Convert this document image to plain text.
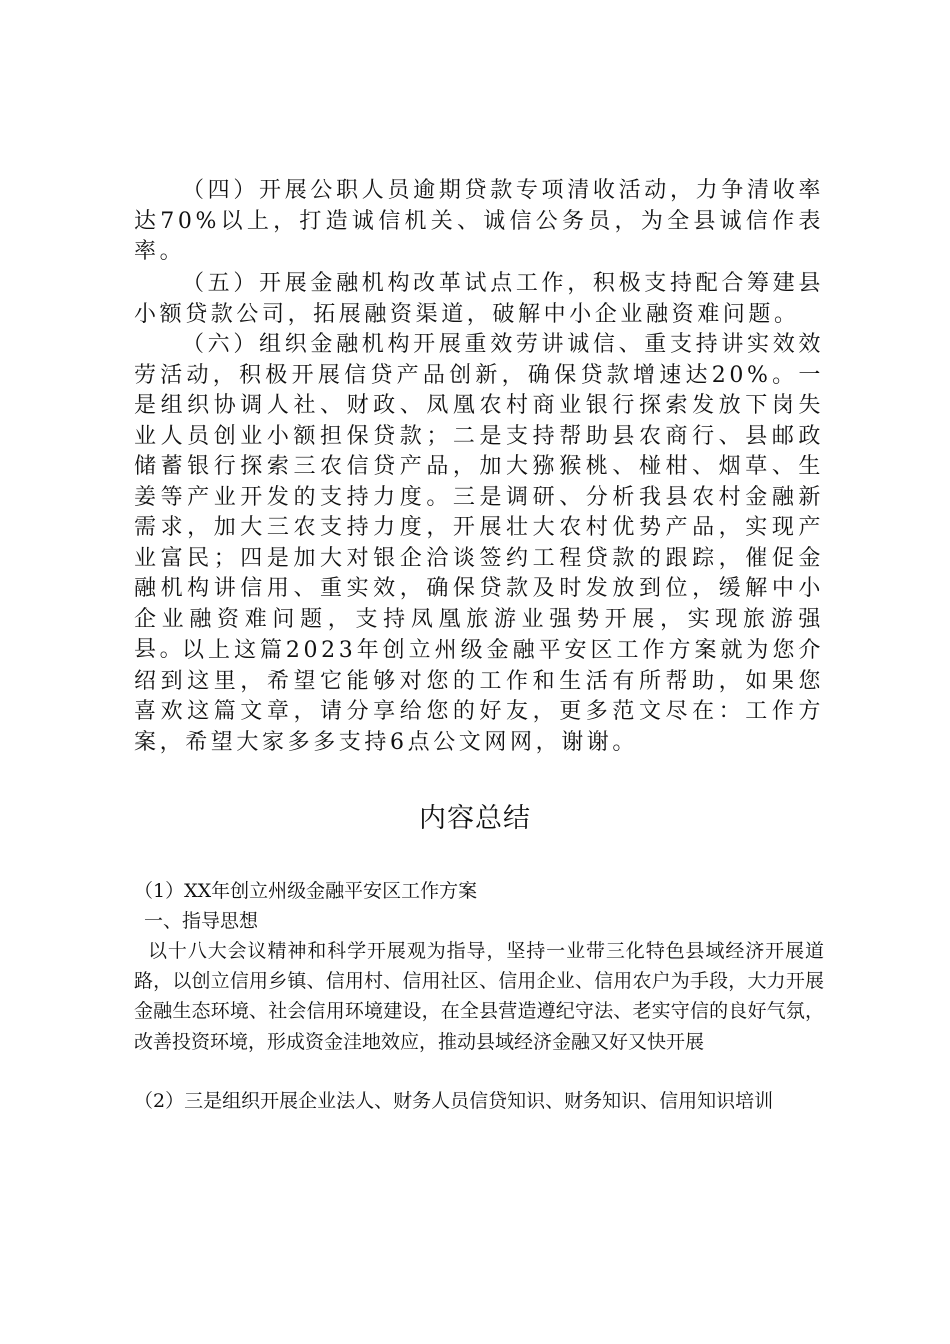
（四）开展公职人员逾期贷款专项清收活动，力争清收率达70%以上，打造诚信机关、诚信公务员，为全县诚信作表率。

（五）开展金融机构改革试点工作，积极支持配合筹建县小额贷款公司，拓展融资渠道，破解中小企业融资难问题。

（六）组织金融机构开展重效劳讲诚信、重支持讲实效效劳活动，积极开展信贷产品创新，确保贷款增速达20%。一是组织协调人社、财政、凤凰农村商业银行探索发放下岗失业人员创业小额担保贷款；二是支持帮助县农商行、县邮政储蓄银行探索三农信贷产品，加大猕猴桃、椪柑、烟草、生姜等产业开发的支持力度。三是调研、分析我县农村金融新需求，加大三农支持力度，开展壮大农村优势产品，实现产业富民；四是加大对银企洽谈签约工程贷款的跟踪，催促金融机构讲信用、重实效，确保贷款及时发放到位，缓解中小企业融资难问题，支持凤凰旅游业强势开展，实现旅游强县。

以上这篇2023年创立州级金融平安区工作方案就为您介绍到这里，希望它能够对您的工作和生活有所帮助，如果您喜欢这篇文章，请分享给您的好友，更多范文尽在：工作方案，希望大家多多支持6点公文网网，谢谢。

内容总结

（1）XX年创立州级金融平安区工作方案

一、指导思想

以十八大会议精神和科学开展观为指导，坚持一业带三化特色县域经济开展道路，以创立信用乡镇、信用村、信用社区、信用企业、信用农户为手段，大力开展金融生态环境、社会信用环境建设，在全县营造遵纪守法、老实守信的良好气氛，改善投资环境，形成资金洼地效应，推动县域经济金融又好又快开展

（2）三是组织开展企业法人、财务人员信贷知识、财务知识、信用知识培训
